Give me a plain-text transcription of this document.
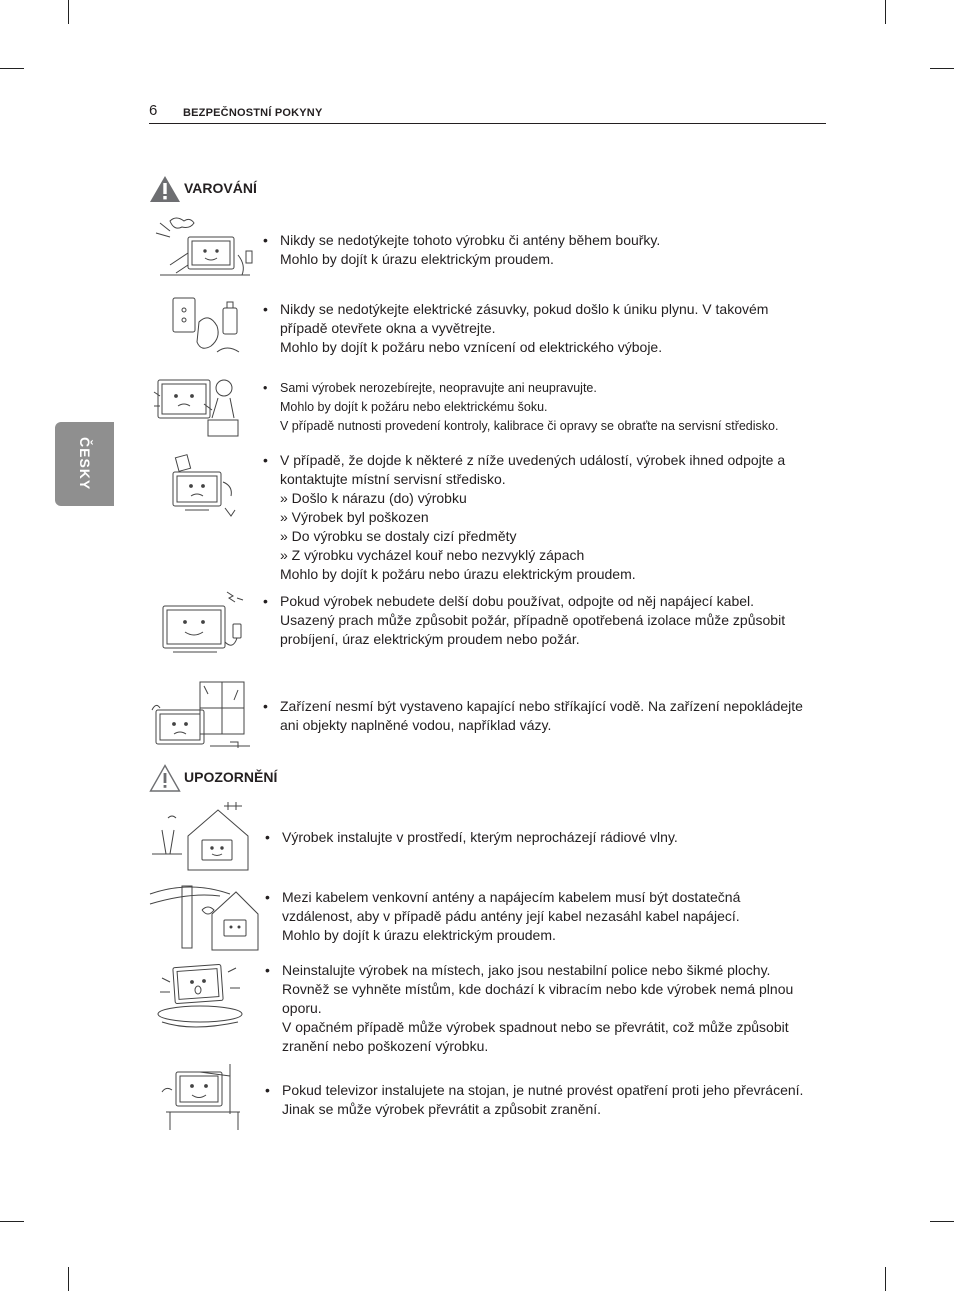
6 BEZPEČNOSTNÍ POKYNY
ČESKY
VAROVÁNÍ
• Nikdy se nedotýkejte tohoto výrobku či antény během bouřky.
Mohlo by dojít k úrazu elektrickým proudem.
• Nikdy se nedotýkejte elektrické zásuvky, pokud došlo k úniku plynu. V takovém
případě otevřete okna a vyvětrejte.
Mohlo by dojít k požáru nebo vznícení od elektrického výboje.
• Sami výrobek nerozebírejte, neopravujte ani neupravujte.
Mohlo by dojít k požáru nebo elektrickému šoku.
V případě nutnosti provedení kontroly, kalibrace či opravy se obraťte na servisní středisko.
• V případě, že dojde k některé z níže uvedených událostí, výrobek ihned odpojte a
kontaktujte místní servisní středisko.
» Došlo k nárazu (do) výrobku
» Výrobek byl poškozen
» Do výrobku se dostaly cizí předměty
» Z výrobku vycházel kouř nebo nezvyklý zápach
Mohlo by dojít k požáru nebo úrazu elektrickým proudem.
• Pokud výrobek nebudete delší dobu používat, odpojte od něj napájecí kabel.
Usazený prach může způsobit požár, případně opotřebená izolace může způsobit
probíjení, úraz elektrickým proudem nebo požár.
• Zařízení nesmí být vystaveno kapající nebo stříkající vodě. Na zařízení nepokládejte
ani objekty naplněné vodou, například vázy.
UPOZORNĚNÍ
• Výrobek instalujte v prostředí, kterým neprocházejí rádiové vlny.
• Mezi kabelem venkovní antény a napájecím kabelem musí být dostatečná
vzdálenost, aby v případě pádu antény její kabel nezasáhl kabel napájecí.
Mohlo by dojít k úrazu elektrickým proudem.
• Neinstalujte výrobek na místech, jako jsou nestabilní police nebo šikmé plochy.
Rovněž se vyhněte místům, kde dochází k vibracím nebo kde výrobek nemá plnou
oporu.
V opačném případě může výrobek spadnout nebo se převrátit, což může způsobit
zranění nebo poškození výrobku.
• Pokud televizor instalujete na stojan, je nutné provést opatření proti jeho převrácení.
Jinak se může výrobek převrátit a způsobit zranění.
